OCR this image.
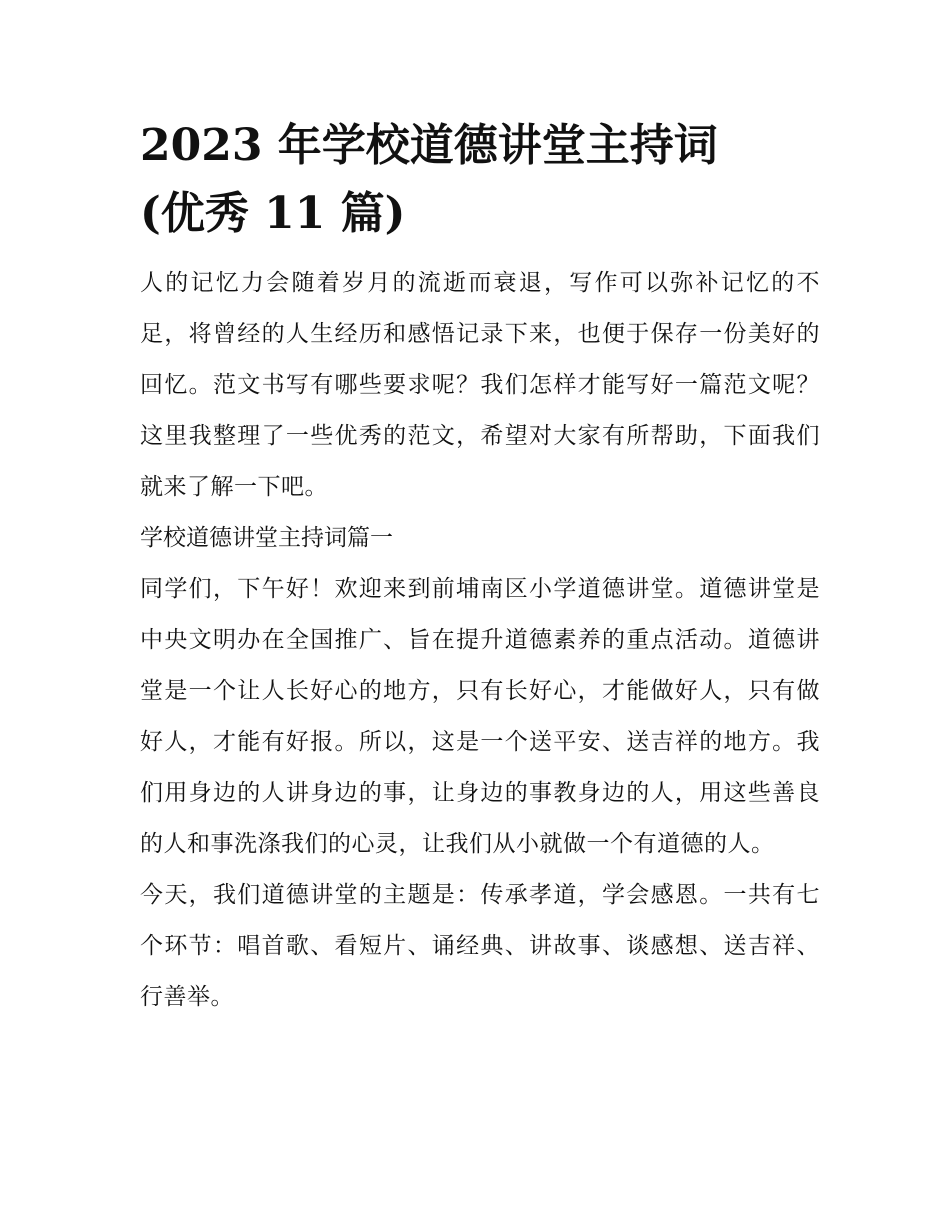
2023 年学校道德讲堂主持词
(优秀 11 篇)

人的记忆力会随着岁月的流逝而衰退，写作可以弥补记忆的不足，将曾经的人生经历和感悟记录下来，也便于保存一份美好的回忆。范文书写有哪些要求呢？我们怎样才能写好一篇范文呢？这里我整理了一些优秀的范文，希望对大家有所帮助，下面我们就来了解一下吧。

学校道德讲堂主持词篇一

同学们，下午好！欢迎来到前埔南区小学道德讲堂。道德讲堂是中央文明办在全国推广、旨在提升道德素养的重点活动。道德讲堂是一个让人长好心的地方，只有长好心，才能做好人，只有做好人，才能有好报。所以，这是一个送平安、送吉祥的地方。我们用身边的人讲身边的事，让身边的事教身边的人，用这些善良的人和事洗涤我们的心灵，让我们从小就做一个有道德的人。

今天，我们道德讲堂的主题是：传承孝道，学会感恩。一共有七个环节：唱首歌、看短片、诵经典、讲故事、谈感想、送吉祥、行善举。
